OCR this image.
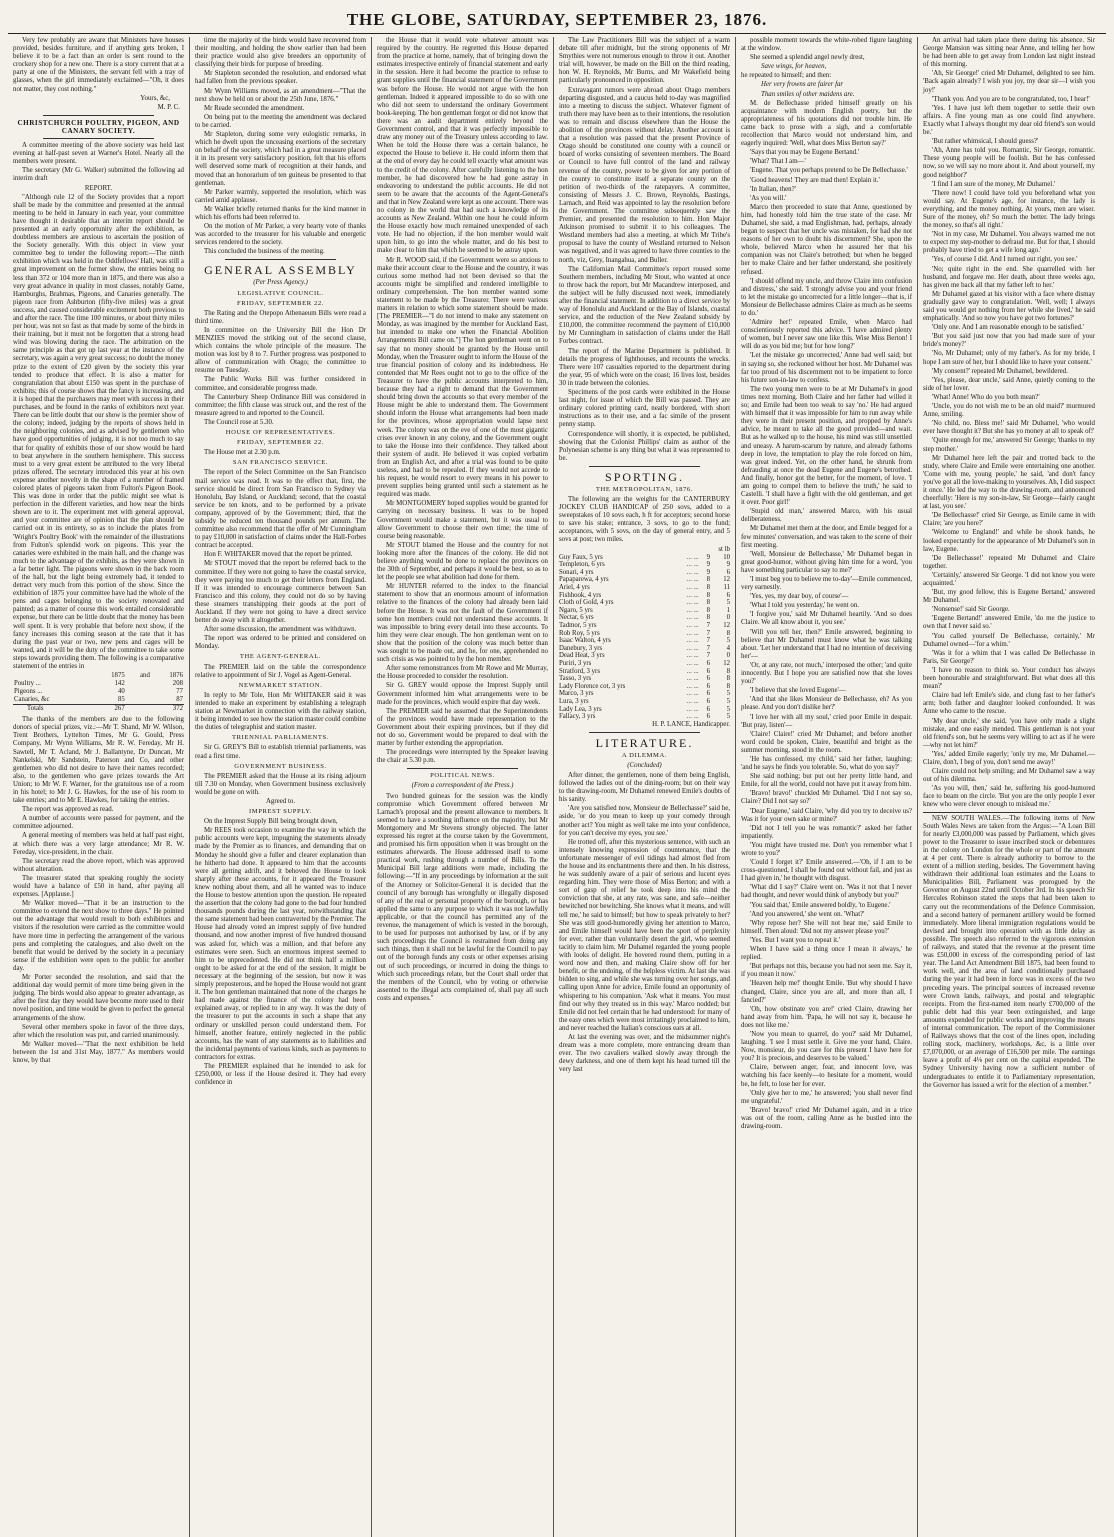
THE GLOBE, SATURDAY, SEPTEMBER 23, 1876.

Very few probably are aware that Ministers have houses provided, besides furniture, and if anything gets broken, I believe it to be a fact than an order is sent round to the crockery shop for a new one. There is a story current that at a party at one of the Ministers, the servant fell with a tray of glasses, when the girl immediately exclaimed—"Oh, it does not matter, they cost nothing."

Yours, &c,

M. P. C.

CHRISTCHURCH POULTRY, PIGEON, AND CANARY SOCIETY.

A committee meeting of the above society was held last evening at half-past seven at Warner's Hotel. Nearly all the members were present.

The secretary (Mr G. Walker) submitted the following ad interim draft

REPORT.

"Although rule 12 of the Society provides that a report shall be made by the committee and presented at the annual meeting to be held in January in each year, your committee have thought it desirable that an interim report should be presented at an early opportunity after the exhibition, as doubtless members are anxious to ascertain the position of the Society generally. With this object in view your committee beg to tender the following report:—The ninth exhibition which was held in the Oddfellows' Hall, was still a great improvement on the former show, the entries being no less than 372 or 104 more than in 1875, and there was also a very great advance in quality in most classes, notably Game, Hamburghs, Brahmas, Pigeons, and Canaries generally. The pigeon race from Ashburton (fifty-five miles) was a great success, and caused considerable excitement both previous to and after the race. The time 100 minutes, or about thirty miles per hour, was not so fast as that made by some of the birds in their training, but it must not be forgotten that a strong head wind was blowing during the race. The arbitration on the same principle as that got up last year at the instance of the secretary, was again a very great success; no doubt the money prize to the extent of £20 given by the society this year tended to produce that effect. It is also a matter for congratulation that about £150 was spent in the purchase of exhibits; this of course shows that the fancy is increasing, and it is hoped that the purchasers may meet with success in their purchases, and be found in the ranks of exhibitors next year. There can be little doubt that our show is the premier show of the colony; indeed, judging by the reports of shows held in the neighboring colonies, and as advised by gentlemen who have good opportunities of judging, it is not too much to say that for quality of exhibits those of our show would be hard to beat anywhere in the southern hemisphere. This success must to a very great extent be attributed to the very liberal prizes offered. The secretary introduced this year at his own expense another novelty in the shape of a number of framed colored plates of pigeons taken from Fulton's Pigeon Book. This was done in order that the public might see what is perfection in the different varieties, and how near the birds shown are to it. The experiment met with general approval, and your committee are of opinion that the plan should be carried out in its entirety, so as to include the plates from 'Wright's Poultry Book' with the remainder of the illustrations from Fulton's splendid work on pigeons. This year the canaries were exhibited in the main hall, and the change was much to the advantage of the exhibits, as they were shown in a far better light. The pigeons were shown in the back room of the hall, but the light being extremely bad, it tended to detract very much from this portion of the show. Since the exhibition of 1875 your committee have had the whole of the pens and cages belonging to the society renovated and painted; as a matter of course this work entailed considerable expense, but there can be little doubt that the money has been well spent. It is very probable that before next show, if the fancy increases this coming season at the rate that it has during the past year or two, new pens and cages will be wanted, and it will be the duty of the committee to take some steps towards providing them. The following is a comparative statement of the entries in

	1875	and	1876
Poultry ...	142		208
Pigeons ...	40		77
Canaries, &c	85		87
Totals	267		372

The thanks of the members are due to the following donors of special prizes, viz.:—Mr T. Shand, Mr W. Wilson, Trent Brothers, Lyttelton Times, Mr G. Gould, Press Company, Mr Wynn Williams, Mr R. W. Fereday, Mr H. Sawtell, Mr T. Acland, Mr J. Ballantyne, Dr Duncan, Mr Nankelski, Mr Sandstein, Paterson and Co, and other gentlemen who did not desire to have their names recorded; also, to the gentlemen who gave prizes towards the Art Union; to Mr W. F. Warner, for the gratuitous use of a room in his hotel; to Mr J. G. Hawkes, for the use of his room to take entries; and to Mr E. Hawkes, for taking the entries.

The report was approved as read.

A number of accounts were passed for payment, and the committee adjourned.

A general meeting of members was held at half past eight, at which there was a very large attendance; Mr R. W. Fereday, vice-president, in the chair.

The secretary read the above report, which was approved without alteration.

The treasurer stated that speaking roughly the society would have a balance of £50 in hand, after paying all expenses. [Applause.]

Mr Walker moved—"That it be an instruction to the committee to extend the next show to three days." He pointed out the advantage that would result to both exhibitors and visitors if the resolution were carried as the committee would have more time in perfecting the arrangement of the various pens and completing the catalogues, and also dwelt on the benefit that would be derived by the society in a pecuniary sense if the exhibition were open to the public for another day.

Mr Porter seconded the resolution, and said that the additional day would permit of more time being given in the judging. The birds would also appear to greater advantage, as after the first day they would have become more used to their novel position, and time would be given to perfect the general arrangements of the show.

Several other members spoke in favor of the three days, after which the resolution was put, and carried unanimously.

Mr Walker moved—"That the next exhibition be held between the 1st and 31st May, 1877." As members would know, by that

time the majority of the birds would have recovered from their moulting, and holding the show earlier than had been their practice would also give breeders an opportunity of classifying their birds for purpose of breeding.

Mr Stapleton seconded the resolution, and endorsed what had fallen from the previous speaker.

Mr Wynn Williams moved, as an amendment—"That the next show be held on or about the 25th June, 1876."

Mr Reade seconded the amendment.

On being put to the meeting the amendment was declared to be carried.

Mr Stapleton, during some very eulogistic remarks, in which he dwelt upon the unceasing exertions of the secretary on behalf of the society, which had in a great measure placed it in its present very satisfactory position, felt that his efforts well deserved some mark of recognition at their hands, and moved that an honorarium of ten guineas be presented to that gentleman.

Mr Parker warmly, supported the resolution, which was carried amid applause.

Mr Walker briefly returned thanks for the kind manner in which his efforts had been referred to.

On the motion of Mr Parker, a very hearty vote of thanks was accorded to the treasurer for his valuable and energetic services rendered to the society.

This concluded the business of the meeting.

GENERAL ASSEMBLY
(Per Press Agency.)
LEGISLATIVE COUNCIL.
FRIDAY, SEPTEMBER 22.

The Rating and the Otepopo Athenaeum Bills were read a third time.

In committee on the University Bill the Hon Dr MENZIES moved the striking out of the second clause, which contains the whole principle of the measure. The motion was lost by 8 to 7. Further progress was postponed to allow of communication with Otago; the committee to resume on Tuesday.

The Public Works Bill was further considered in committee, and considerable progress made.

The Canterbury Sheep Ordinance Bill was considered in committee; the fifth clause was struck out, and the rest of the measure agreed to and reported to the Council.

The Council rose at 5.30.

HOUSE OF REPRESENTATIVES.
FRIDAY, SEPTEMBER 22.

The House met at 2.30 p.m.

SAN FRANCISCO SERVICE.

The report of the Select Committee on the San Francisco mail service was read. It was to the effect that, first, the service should be direct from San Francisco to Sydney via Honolulu, Bay Island, or Auckland; second, that the coastal service be ten knots, and to be performed by a private company, approved of by the Government; third, that the subsidy be reduced ten thousand pounds per annum. The committee also recommend that the offer of Mr Cunningham to pay £10,000 in satisfaction of claims under the Hall-Forbes contract be accepted.

Hon F. WHITAKER moved that the report be printed.

Mr STOUT moved that the report be referred back to the committee. If they were not going to have the coastal service, they were paying too much to get their letters from England. If it was intended to encourage commerce between San Francisco and this colony, they could not do so by having these steamers transhipping their goods at the port of Auckland. If they were not going to have a direct service better do away with it altogether.

After some discussion, the amendment was withdrawn.

The report was ordered to be printed and considered on Monday.

THE AGENT-GENERAL.

The PREMIER laid on the table the correspondence relative to appointment of Sir J. Vogel as Agent-General.

NEWMARKET STATION.

In reply to Mr Tole, Hon Mr WHITAKER said it was intended to make an experiment by establishing a telegraph station at Newmarket in connection with the railway station, it being intended to see how the station master could combine the duties of telegraphist and station master.

TRIENNIAL PARLIAMENTS.

Sir G. GREY'S Bill to establish triennial parliaments, was read a first time.

GOVERNMENT BUSINESS.

The PREMIER asked that the House at its rising adjourn till 7.30 on Monday, when Government business exclusively would be gone on with.

Agreed to.

IMPREST SUPPLY.

On the Imprest Supply Bill being brought down,

Mr REES took occasion to examine the way in which the public accounts were kept, impugning the statements already made by the Premier as to finances, and demanding that on Monday he should give a fuller and clearer explanation than he hitherto had done. It appeared to him that the accounts were all getting adrift, and it behoved the House to look sharply after these accounts, for it appeared the Treasurer knew nothing about them, and all he wanted was to induce the House to bestow attention upon the question. He repeated the assertion that the colony had gone to the bad four hundred thousands pounds during the last year, notwithstanding that the same statement had been contraverted by the Premier. The House had already voted an imprest supply of five hundred thousand, and now another imprest of five hundred thousand was asked for, which was a million, and that before any estimates were seen. Such an enormous imprest seemed to him to be unprecedented. He did not think half a million ought to be asked for at the end of the session. It might be necessary at the beginning of the session, but now it was simply preposterous, and he hoped the House would not grant it. The hon gentleman maintained that none of the charges he had made against the finance of the colony had been explained away, or replied to in any way. It was the duty of the treasurer to put the accounts in such a shape that any ordinary or unskilled person could understand them. For himself, another feature, entirely neglected in the public accounts, has the want of any statements as to liabilities and the incidental payments of various kinds, such as payments to contractors for extras.

The PREMIER explained that he intended to ask for £250,000, or less if the House desired it. They had every confidence in

the House that it would vote whatever amount was required by the country. He regretted this House departed from the practice at home, namely, that of bringing down the estimates irrespective entirely of financial statement and early in the session. Here it had become the practice to refuse to grant supplies until the financial statement of the Government was before the House. He would not argue with the hon gentleman. Indeed it appeared impossible to do so with one who did not seem to understand the ordinary Government book-keeping. The hon gentleman forgot or did not know that there was an audit department entirely beyond the Government control, and that it was perfectly impossible to draw any money out of the Treasury unless according to law. When he told the House there was a certain balance, he expected the House to believe it. He could inform them that at the end of every day he could tell exactly what amount was to the credit of the colony. After carefully listening to the hon member, he had discovered how he had gone astray in endeavoring to understand the public accounts. He did not seem to be aware that the accounts of the Agent-General's and that in New Zealand were kept as one account. There was no colony in the world that had such a knowledge of its accounts as New Zealand. Within one hour he could inform the House exactly how much remained unexpended of each vote. He had no objection, if the hon member would wait upon him, to go into the whole matter, and do his best to make clear to him that which he seemed to be astray upon.

Mr R. WOOD said, if the Government were so anxious to make their account clear to the House and the country, it was curious some method had not been devised so that the accounts might be simplified and rendered intelligible to ordinary comprehension. The hon member wanted some statement to be made by the Treasurer. There were various matters in relation to which some statement should be made. [The PREMIER—"I do not intend to make any statement on Monday, as was imagined by the member for Auckland East, but intended to make one when the Financial Abolition Arrangements Bill came on."] The hon gentleman went on to say that no money should be granted by the House until Monday, when the Treasurer ought to inform the House of the true financial position of colony and its indebtedness. He contended that Mr Rees ought not to go to the office of the Treasurer to have the public accounts interpreted to him, because they had a right to demand that the Government should bring down the accounts so that every member of the House might be able to understand them. The Government should inform the House what arrangements had been made for the provinces, whose appropriation would lapse next week. The colony was on the eve of one of the most gigantic crises ever known in any colony, and the Government ought to take the House into their confidence. They talked about their system of audit. He believed it was copied verbatim from an English Act, and after a trial was found to be quite useless, and had to be repealed. If they would not accede to his request, he would resort to every means in his power to prevent supplies being granted until such a statement as he required was made.

Mr MONTGOMERY hoped supplies would be granted for carrying on necessary business. It was to be hoped Government would make a statement, but it was usual to allow Government to choose their own time; the time of course being reasonable.

Mr STOUT blamed the House and the country for not looking more after the finances of the colony. He did not believe anything would be done to replace the provinces on the 30th of September, and perhaps it would be best, so as to let the people see what abolition had done for them.

Mr HUNTER referred to the index to the financial statement to show that an enormous amount of information relative to the finances of the colony had already been laid before the House. It was not the fault of the Government if some hon members could not understand these accounts. It was impossible to bring every detail into these accounts. To him they were clear enough. The hon gentleman went on to show that the position of the colony was much better than was sought to be made out, and he, for one, apprehended no such crisis as was pointed to by the hon member.

After some remonstrances from Mr Rowe and Mr Murray, the House proceeded to consider the resolution.

Sir G. GREY would oppose the Imprest Supply until Government informed him what arrangements were to be made for the provinces, which would expire that day week.

The PREMIER said he assumed that the Superintendents of the provinces would have made representation to the Government about their expiring provinces, but if they did not do so, Government would be prepared to deal with the matter by further extending the appropriation.

The proceedings were interrupted by the Speaker leaving the chair at 5.30 p.m.

POLITICAL NEWS.
(From a correspondent of the Press.)

Two hundred guineas for the session was the kindly compromise which Government offered between Mr Larnach's proposal and the present allowance to members. It seemed to have a soothing influence on the majority, but Mr Montgomery and Mr Stevens strongly objected. The latter expressed his regret at the course taken by the Government, and promised his firm opposition when it was brought on the estimates afterwards. The House addressed itself to some practical work, rushing through a number of Bills. To the Municipal Bill large additions were made, including the following:—"If in any proceedings by information at the suit of the Attorney or Solicitor-General it is decided that the council of any borough has wrongfully or illegally disposed of any of the real or personal property of the borough, or has applied the same to any purpose to which it was not lawfully applicable, or that the council has permitted any of the revenue, the management of which is vested in the borough, to be used for purposes not authorised by law, or if by any such proceedings the Council is restrained from doing any such things, then it shall not be lawful for the Council to pay out of the borough funds any costs or other expenses arising out of such proceedings, or incurred in doing the things to which such proceedings relate, but the Court shall order that the members of the Council, who by voting or otherwise assented to the illegal acts complained of, shall pay all such costs and expenses."

The Law Practitioners Bill was the subject of a warm debate till after midnight, but the strong opponents of Mr Smythies were not numerous enough to throw it out. Another trial will, however, be made on the Bill on the third reading, hon W. H. Reynolds, Mr Burns, and Mr Wakefield being particularly pronounced in opposition.

Extravagant rumors were abroad about Otago members departing disgusted, and a caucus held to-day was magnified into a meeting to discuss the subject. Whatever figment of truth there may have been as to their intentions, the resolution was to remain and discuss elsewhere than the House the abolition of the provinces without delay. Another account is that a resolution was passed that the present Province of Otago should be constituted one county with a council or board of works consisting of seventeen members. The Board or Council to have full control of the land and railway revenue of the county, power to be given for any portion of the county to constitute itself a separate county on the petition of two-thirds of the ratepayers. A committee, consisting of Messrs J. C. Brown, Reynolds, Bastings, Larnach, and Reid was appointed to lay the resolution before the Government. The committee subsequently saw the Premier, and presented the resolution to him. Hon Major Atkinson promised to submit it to his colleagues. The Westland members had also a meeting, at which Mr Tribe's proposal to have the county of Westland returned to Nelson was negatived, and it was agreed to have three counties to the north, viz, Grey, Inangahua, and Buller.

The Californian Mail Committee's report roused some Southern members, including Mr Stout, who wanted at once to throw back the report, but Mr Macandrew interposed, and the subject will be fully discussed next week, immediately after the financial statement. In addition to a direct service by way of Honolulu and Auckland or the Bay of Islands, coastal service, and the reduction of the New Zealand subsidy by £10,000, the committee recommend the payment of £10,000 by Mr Cunningham in satisfaction of claims under the Hall Forbes contract.

The report of the Marine Department is published. It details the progress of lighthouses, and recounts the wrecks. There were 107 casualties reported to the department during the year, 95 of which were on the coast; 16 lives lost, besides 30 in trade between the colonies.

Specimens of the post cards were exhibited in the House last night, for issue of which the Bill was passed. They are ordinary colored printing card, neatly bordered, with short instructions as to their use, and a fac simile of the present penny stamp.

Correspondence will shortly, it is expected, be published, showing that the Colonist Phillips' claim as author of the Polynesian scheme is any thing but what it was represented to be.

SPORTING.
THE METROPOLITAN, 1876.

The following are the weights for the CANTERBURY JOCKEY CLUB HANDICAP of 250 sovs, added to a sweepstakes of 10 sovs each, h ft for acceptors; second horse to save his stake; entrance, 3 sovs, to go to the fund; acceptances, with 5 sovs, on the day of general entry, and 5 sovs at post; two miles.

st lb
Guy Faux, 5 yrs	... ...	9	10
Templeton, 6 yrs	... ...	9	9
Sonari, 4 yrs	... ...	9	6
Papaparewa, 4 yrs	... ...	8	12
Ariel, 4 yrs	... ...	8	11
Fishhook, 4 yrs	... ...	8	6
Cloth of Gold, 4 yrs	... ...	8	5
Ngaro, 5 yrs	... ...	8	1
Nectar, 6 yrs	... ...	8	0
Tadmor, 5 yrs	... ...	7	12
Rob Roy, 5 yrs	... ...	7	8
Isaac Walton, 4 yrs	... ...	7	5
Danebury, 3 yrs	... ...	7	4
Dead Heat, 3 yrs	... ...	7	0
Puriri, 3 yrs	... ...	6	12
Stratford, 3 yrs	... ...	6	8
Tasso, 3 yrs	... ...	6	8
Lady Florence cot, 3 yrs	... ...	6	8
Marco, 3 yrs	... ...	6	5
Lura, 3 yrs	... ...	6	5
Lady Lea, 3 yrs	... ...	6	5
Fallacy, 3 yrs	... ...	6	5

H. P. LANCE, Handicapper.

LITERATURE.
A DILEMMA.
(Concluded)

After dinner, the gentlemen, none of them being English, followed the ladies out of the dining-room; but on their way to the drawing-room, Mr Duhamel renewed Emile's doubts of his sanity.

'Are you satisfied now, Monsieur de Bellechasse?' said he, aside, 'or do you mean to keep up your comedy through another act? You might as well take me into your confidence, for you can't deceive my eyes, you see.'

He trotted off, after this mysterious sentence, with such an intensely knowing expression of countenance, that the unfortunate messenger of evil tidings had almost fled from the house and its enchantments there and then. In his distress, he was suddenly aware of a pair of serious and lucent eyes regarding him. They were those of Miss Berton; and with a sort of gasp of relief he took deep into his mind the conviction that she, at any rate, was sane, and safe—neither bewitched nor bewitching. She knows what it means, and will tell me,' he said to himself; but how to speak privately to her? She was still good-humoredly giving her attention to Marco, and Emile himself would have been the sport of perplexity for ever, rather than voluntarily desert the girl, who seemed tacitly to claim him. Mr Duhamel regarded the young people with looks of delight. He hovered round them, putting in a word now and then, and making Claire show off for her benefit, or the undoing, of the helpless victim. At last she was bidden to sing, and while she was turning over her songs, and calling upon Anne for advice, Emile found an opportunity of whispering to his companion. 'Ask what it means. You must find out why they treated us in this way.' Marco nodded; but Emile did not feel certain that he had understood: for many of the easy ones which were most irritatingly proclaimed to him, and never reached the Italian's conscious ears at all.

At last the evening was over, and the midsummer night's dream was a more complete, more entrancing dream than ever. The two cavaliers walked slowly away through the dewy darkness, and one of them kept his head turned till the very last

possible moment towards the white-robed figure laughing at the window.

She seemed a splendid angel newly drest,

Save wings, for heaven,

he repeated to himself; and then:

Her very frowns are fairer far

Than smiles of other maidens are.

M. de Bellechasse prided himself greatly on his acquaintance with modern English poetry, but the appropriateness of his quotations did not trouble him. He came back to prose with a sigh, and a comfortable recollection that Marco would not understand him, and eagerly inquired: 'Well, what does Miss Berton say?'

'Says that you may be Eugene Bertand.'

'What? That I am—'

'Eugene. That you perhaps pretend to be De Bellechasse.'

'Good heavens! They are mad then! Explain it.'

'In Italian, then?'

'As you will.'

Marco then proceeded to state that Anne, questioned by him, had honestly told him the true state of the case. Mr Duhamel, she said, a mad Englishman, had, perhaps, already began to suspect that her uncle was mistaken, for had she not reasons of her own to doubt his discernment? She, upon the whole, believed Marco when he assured her that his companion was not Claire's betrothed; but when he begged her to make Claire and her father understand, she positively refused.

'I should offend my uncle, and throw Claire into confusion and distress,' she said. 'I strongly advise you and your friend to let the mistake go uncorrected for a little longer—that is, if Monsieur de Bellechasse admires Claire as much as he seems to do.'

'Admire her!' repeated Emile, when Marco had conscientiously reported this advice. 'I have admired plenty of women, but I never saw one like this. Wise Miss Berton! I will do as you bid me; but for how long?'

'Let the mistake go uncorrected,' Anne had well said; but in saying so, she reckoned without her host. Mr Duhamel was far too proud of his discernment not to be impatient to force his future son-in-law to confess.

The two young men were to be at Mr Duhamel's in good times next morning. Both Claire and her father had willed it so; and Emile had been too weak to say 'no.' He had argued with himself that it was impossible for him to run away while they were in their present position, and propped by Anne's advice, he meant to take all the good provided—and wait. But as he walked up to the house, his mind was still unsettled and uneasy. A harum-scarum by nature, and already fathoms deep in love, the temptation to play the role forced on him, was great indeed. Yet, on the other hand, he shrunk from defrauding at once the dead Eugene and Eugene's betrothed. And finally, honor got the better, for the moment, of love. 'I am going to compel them to believe the truth,' he said to Castelli. 'I shall have a fight with the old gentleman, and get it over. Poor girl!'

'Stupid old man,' answered Marco, with his usual deliberateness.

Mr Duhamel met them at the door, and Emile begged for a few minutes' conversation, and was taken to the scene of their first meeting.

'Well, Monsieur de Bellechasse,' Mr Duhamel began in great good-humor, without giving him time for a word, 'you have something particular to say to me?'

'I must beg you to believe me to-day'—Emile commenced, very earnestly.

'Yes, yes, my dear boy, of course'—

'What I told you yesterday,' he went on.

'I forgive you,' said Mr Duhamel heartily. 'And so does Claire. We all know about it, you see.'

'Will you tell her, then?' Emile answered, beginning to believe that Mr Duhamel must know what he was talking about. 'Let her understand that I had no intention of deceiving her'—

'Or, at any rate, not much,' interposed the other; 'and quite innocently. But I hope you are satisfied now that she loves you?'

'I believe that she loved Eugene'—

'And that she likes Monsieur de Bellechasse, eh? As you please. And you don't dislike her?'

'I love her with all my soul,' cried poor Emile in despair. 'But pray, listen'—

'Claire! Claire!' cried Mr Duhamel; and before another word could be spoken, Claire, beautiful and bright as the summer morning, stood in the room.

'He has confessed, my child,' said her father, laughing; 'and he says he finds you tolerable. So, what do you say?'

She said nothing; but put out her pretty little hand, and Emile, for all the world, could not have put it away from him.

'Bravo! bravo!' chuckled Mr Duhamel. 'Did I not say so, Claire? Did I not say so?'

'Dear Eugene,' said Claire, 'why did you try to deceive us? Was it for your own sake or mine?'

'Did not I tell you he was romantic?' asked her father impatiently.

'You might have trusted me. Don't you remember what I wrote to you?'

'Could I forget it?' Emile answered.—'Oh, if I am to be cross-questioned, I shall be found out without fail, and just as I had given in,' he thought with disgust.

'What did I say?' Claire went on. 'Was it not that I never had thought, and never would think of anybody but you?'

'You said that,' Emile answered boldly, 'to Eugene.'

'And you answered,' she went on. 'What?'

'Why repose her? She will not hear me,' said Emile to himself. Then aloud: 'Did not my answer please you?'

'Yes. But I want you to repeat it.'

When I have said a thing once I mean it always,' he replied.

'But perhaps not this, because you had not seen me. Say it, if you mean it now.'

'Heaven help me!' thought Emile. 'But why should I have changed, Claire, since you are all, and more than all, I fancied?'

'Oh, how obstinate you are!' cried Claire, drawing her hand away from him. 'Papa, he will not say it, because he does not like me.'

'Now you mean to quarrel, do you?' said Mr Duhamel, laughing. 'I see I must settle it. Give me your hand, Claire. Now, monsieur, do you care for this present I have here for you? It is precious, and deserves to be valued.'

Claire, between anger, fear, and innocent love, was watching his face keenly—to hesitate for a moment, would be, he felt, to lose her for ever.

'Only give her to me,' he answered; 'you shall never find me ungrateful.'

'Bravo! bravo!' cried Mr Duhamel again, and in a trice was out of the room, calling Anne as he bustled into the drawing-room.

An arrival had taken place there during his absence. Sir George Mansion was sitting near Anne, and telling her how he had been able to get away from London last night instead of this morning.

'Ah, Sir George!' cried Mr Duhamel, delighted to see him. 'Back again already? I wish you joy, my dear sir—I wish you joy!'

'Thank you. And you are to be congratulated, too, I hear!'

'Yes. I have just left them together to settle their own affairs. A fine young man as one could find anywhere. Exactly what I always thought my dear old friend's son would be.'

'But rather whimsical, I should guess?'

'Ah, Anne has told you. Romantic, Sir George, romantic. These young people will be foolish. But he has confessed now, so we will say no more about it. And about yourself, my good neighbor?'

'I find I am sure of the money, Mr Duhamel.'

'There now! I could have told you beforehand what you would say. At Eugene's age, for instance, the lady is everything, and the money nothing. At yours, men are wiser. Sure of the money, eh? So much the better. The lady brings the money, so that's all right.'

'Not in my case, Mr Duhamel. You always warned me not to expect my step-mother to defraud me. But for that, I should probably have tried to get a wife long ago.'

'Yes, of course I did. And I turned out right, you see.'

'No; quite right in the end. She quarrelled with her husband, and forgave me. Her death, about three weeks ago, has given me back all that my father left to her.'

Mr Duhamel gazed at his visitor with a face where dismay gradually gave way to congratulation. 'Well, well; I always said you would get nothing from her while she lived,' he said emphatically. 'And so now you have got two fortunes?'

'Only one. And I am reasonable enough to be satisfied.'

'But you said just now that you had made sure of your bride's money?'

'No, Mr Duhamel; only of my father's. As for my bride, I hope I am sure of her, but I should like to have your consent.'

'My consent?' repeated Mr Duhamel, bewildered.

'Yes, please, dear uncle,' said Anne, quietly coming to the side of her lover.

'What! Anne! Who do you both mean?'

'Uncle, you do not wish me to be an old maid?' murmured Anne, smiling.

'No child, no. Bless me!' said Mr Duhamel, 'who would ever have thought it? But she has yo money at all to speak of!'

'Quite enough for me,' answered Sir George; 'thanks to my step mother.'

Mr Duhamel here left the pair and trotted back to the study, where Claire and Emile were entertaining one another. 'Come with me, young people,' he said, 'and don't fancy you've got all the love-making to yourselves. Ah, I did suspect it once.' He led the way to the drawing-room, and announced cheerfully: 'Here is my son-in-law, Sir George—fairly caught at last, you see.'

'De Bellechasse!' cried Sir George, as Emile came in with Claire; 'are you here?'

'Welcome to England!' and while he shook hands, he looked expectantly for the appearance of Mr Duhamel's son in law, Eugene.

'De Bellechasse!' repeated Mr Duhamel and Claire together.

'Certainly,' answered Sir George. 'I did not know you were acquainted.'

'But, my good fellow, this is Eugene Bertand,' answered Mr Duhamel.

'Nonsense!' said Sir George.

'Eugene Bertand!' answered Emile, 'do me the justice to own that I never said so.'

'You called yourself De Bellechasse, certainly,' Mr Duhamel owned—'for a whim.'

'Was it for a whim that I was called De Bellechasse in Paris, Sir George?'

'I have no reason to think so. Your conduct has always been honourable and straightforward. But what does all this mean?'

Claire had left Emile's side, and clung fast to her father's arm; both father and daughter looked confounded. It was Anne who came to the rescue.

'My dear uncle,' she said, 'you have only made a slight mistake, and one easily mended. This gentleman is not your old friend's son, but he seems very willing to act as if he were—why not let him?'

'Yes,' added Emile eagerly; 'only try me, Mr Duhamel.—Claire, don't, I beg of you, don't send me away!'

Claire could not help smiling; and Mr Duhamel saw a way out of his dilemma.

'As you will, then,' said he, suffering his good-humored face to beam on the circle. 'But you are the only people I ever knew who were clever enough to mislead me.'

NEW SOUTH WALES.—The following items of New South Wales News are taken from the Argus:—"A Loan Bill for nearly £3,000,000 was passed by Parliament, which gives power to the Treasurer to issue inscribed stock or debentures in the colony on London for the whole or part of the amount at 4 per cent. There is already authority to borrow to the extent of a million sterling, besides. The Government having withdrawn their additional loan estimates and the Loans to Municipalities Bill, Parliament was prorogued by the Governor on August 22nd until October 3rd. In his speech Sir Hercules Robinson stated the steps that had been taken to carry out the recommendations of the Defence Commission, and a second battery of permanent artillery would be formed immediately. More liberal immigration regulations would be devised and brought into operation with as little delay as possible. The speech also referred to the vigorous extension of railways, and stated that the revenue at the present time was £50,000 in excess of the corresponding period of last year. The Land Act Amendment Bill 1875, had been found to work well, and the area of land conditionally purchased during the year it had been in force was in excess of the two preceding years. The principal sources of increased revenue were Crown lands, railways, and postal and telegraphic receipts. From the first-named item nearly £700,000 of the public debt had this year been extinguished, and large amounts expended for public works and improving the means of internal communication. The report of the Commissioner of Railways shows that the cost of the lines open, including rolling stock, machinery, workshops, &c, is a little over £7,070,000, or an average of £16,500 per mile. The earnings leave a profit of 4⅛ per cent on the capital expended. The Sydney University having now a sufficient number of undergraduates to entitle it to Parliamentary representation, the Governor has issued a writ for the election of a member."
